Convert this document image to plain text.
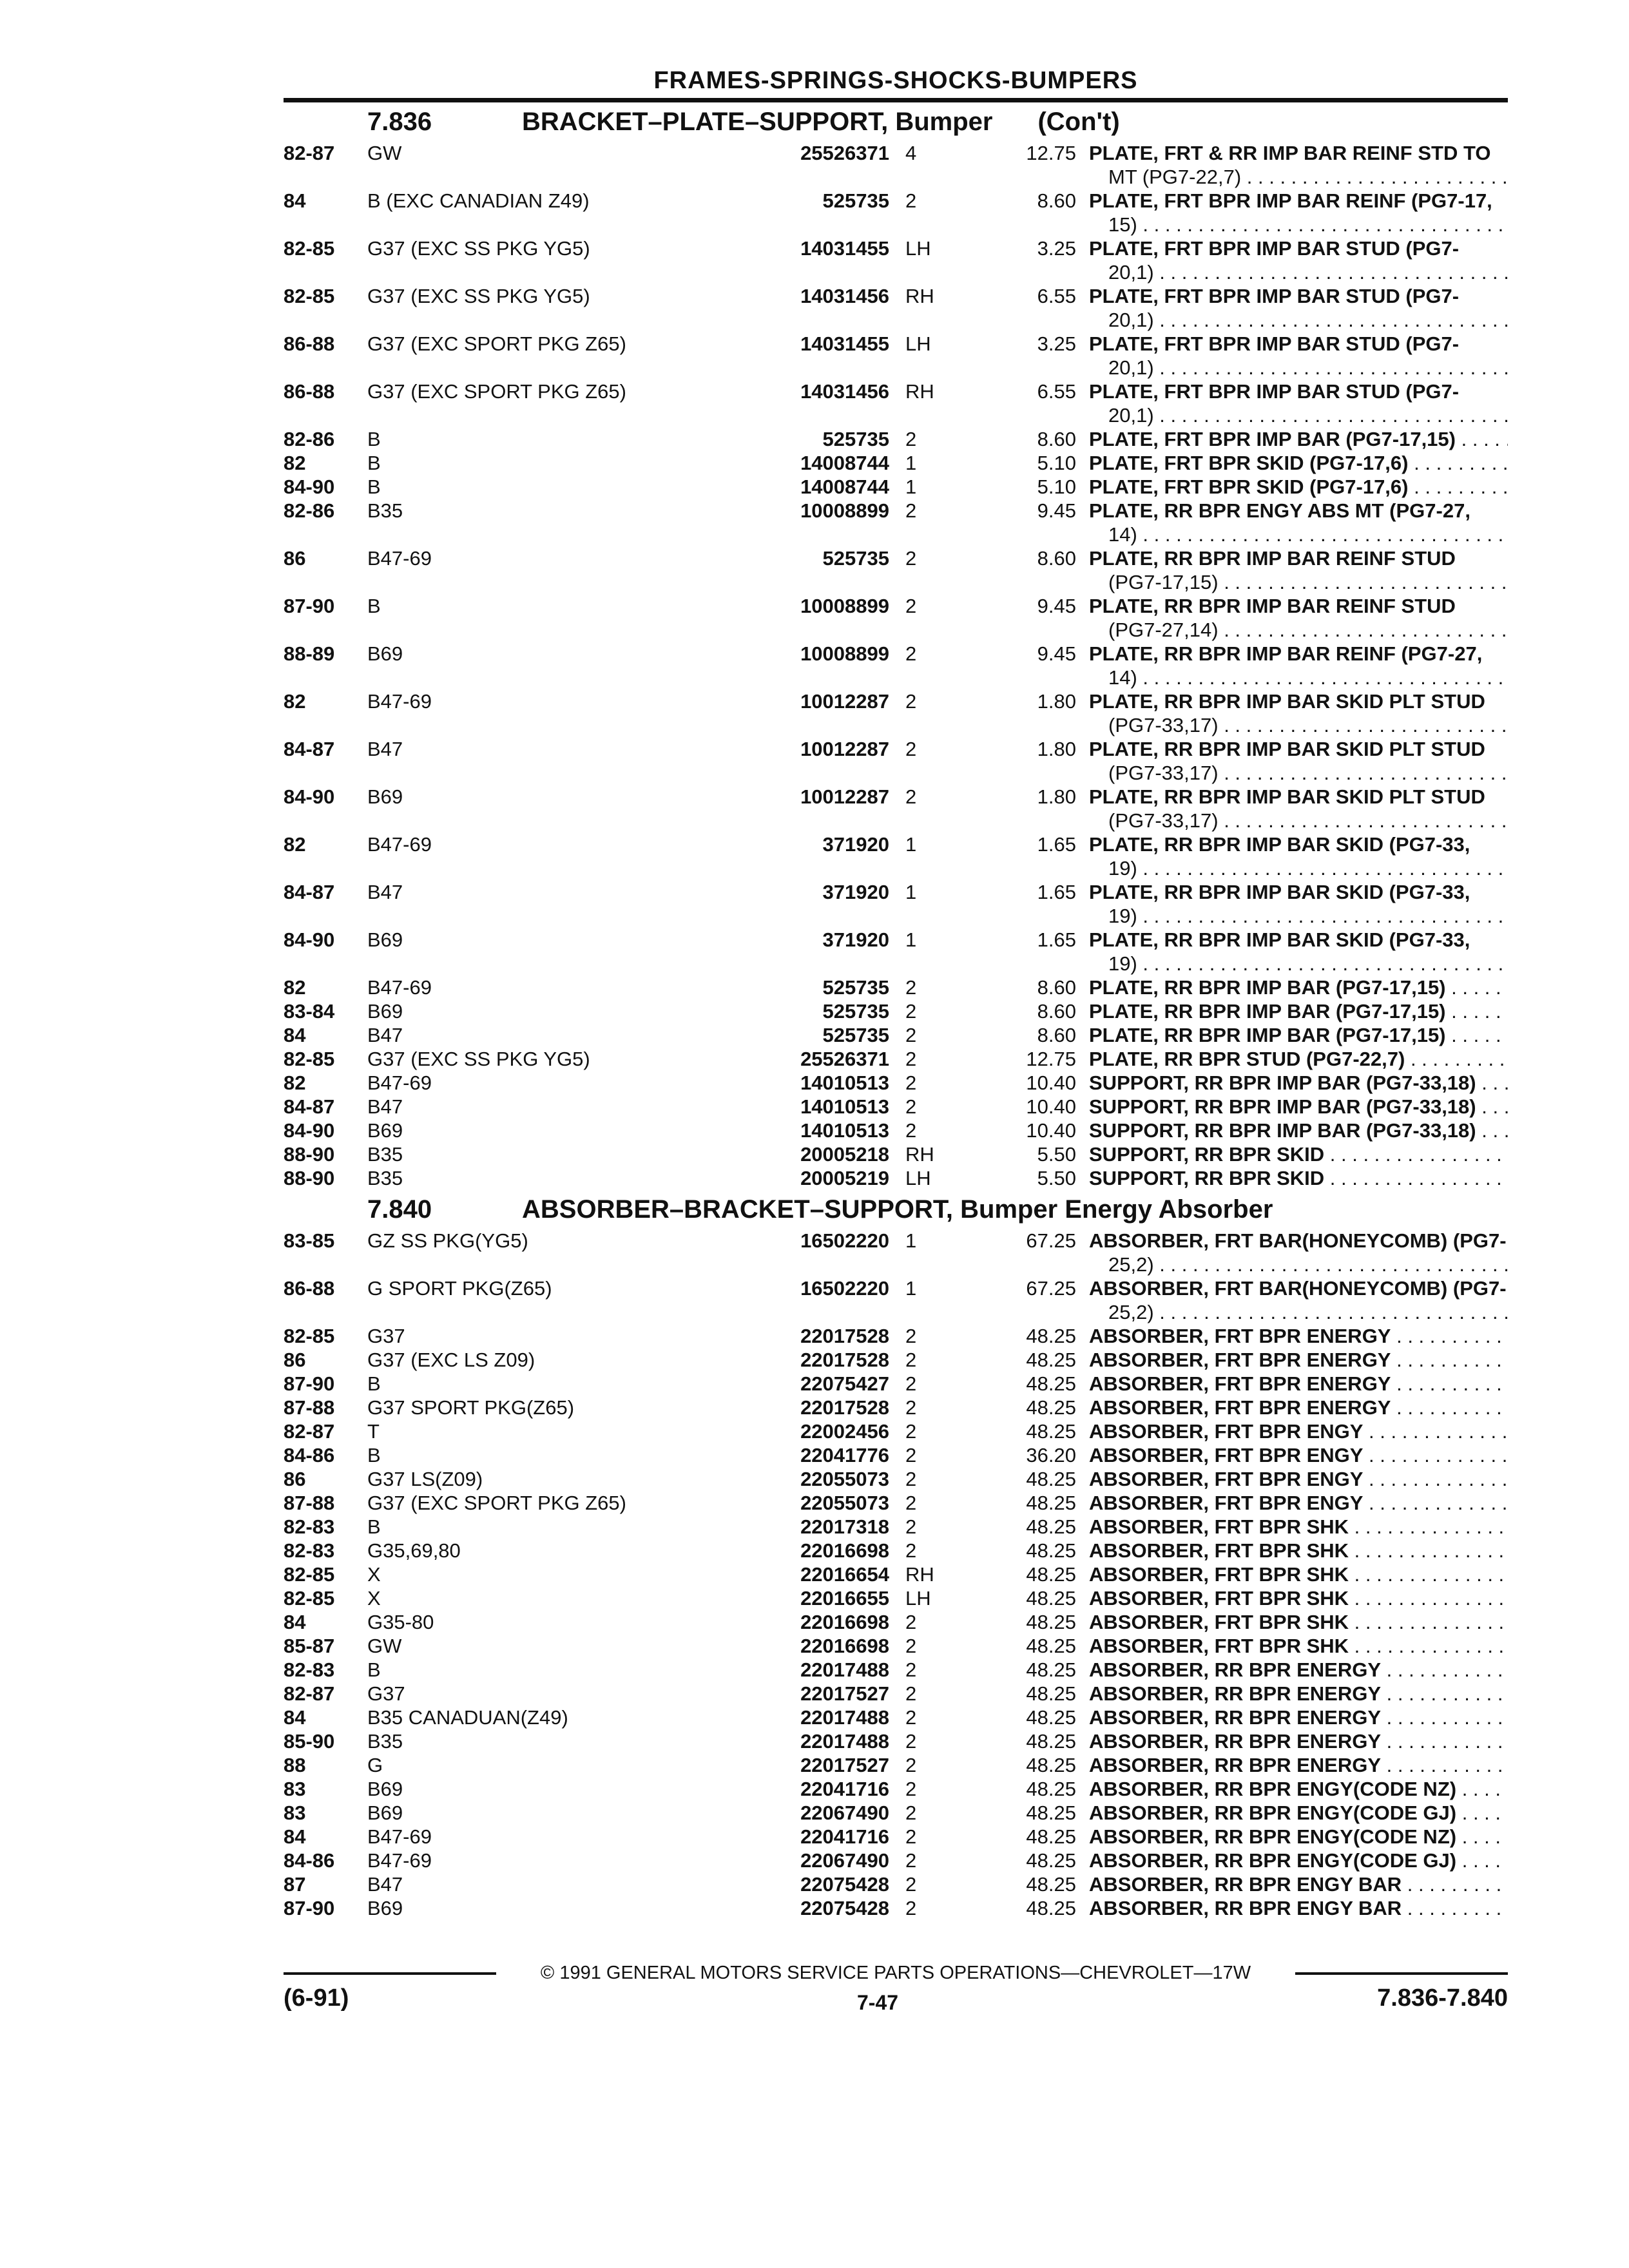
FRAMES-SPRINGS-SHOCKS-BUMPERS
7.836	BRACKET–PLATE–SUPPORT, Bumper (Con't)
82-87	GW . . .	25526371 4	12.75 PLATE, FRT & RR IMP BAR REINF STD TO
MT (PG7-22,7) . . .
84	B (EXC CANADIAN Z49) . . .	525735 2	8.60 PLATE, FRT BPR IMP BAR REINF (PG7-17,
15) . . .
82-85	G37 (EXC SS PKG YG5) . . .	14031455 LH	3.25 PLATE, FRT BPR IMP BAR STUD (PG7-
20,1) . . .
82-85	G37 (EXC SS PKG YG5) . . .	14031456 RH	6.55 PLATE, FRT BPR IMP BAR STUD (PG7-
20,1) . . .
86-88	G37 (EXC SPORT PKG Z65) . . .	14031455 LH	3.25 PLATE, FRT BPR IMP BAR STUD (PG7-
20,1) . . .
86-88	G37 (EXC SPORT PKG Z65) . . .	14031456 RH	6.55 PLATE, FRT BPR IMP BAR STUD (PG7-
20,1) . . .
82-86	B . . .	525735 2	8.60 PLATE, FRT BPR IMP BAR (PG7-17,15) . . .
82	B . . .	14008744 1	5.10 PLATE, FRT BPR SKID (PG7-17,6) . . .
84-90	B . . .	14008744 1	5.10 PLATE, FRT BPR SKID (PG7-17,6) . . .
82-86	B35 . . .	10008899 2	9.45 PLATE, RR BPR ENGY ABS MT (PG7-27,
14) . . .
86	B47-69 . . .	525735 2	8.60 PLATE, RR BPR IMP BAR REINF STUD
(PG7-17,15) . . .
87-90	B . . .	10008899 2	9.45 PLATE, RR BPR IMP BAR REINF STUD
(PG7-27,14) . . .
88-89	B69 . . .	10008899 2	9.45 PLATE, RR BPR IMP BAR REINF (PG7-27,
14) . . .
82	B47-69 . . .	10012287 2	1.80 PLATE, RR BPR IMP BAR SKID PLT STUD
(PG7-33,17) . . .
84-87	B47 . . .	10012287 2	1.80 PLATE, RR BPR IMP BAR SKID PLT STUD
(PG7-33,17) . . .
84-90	B69 . . .	10012287 2	1.80 PLATE, RR BPR IMP BAR SKID PLT STUD
(PG7-33,17) . . .
82	B47-69 . . .	371920 1	1.65 PLATE, RR BPR IMP BAR SKID (PG7-33,
19) . . .
84-87	B47 . . .	371920 1	1.65 PLATE, RR BPR IMP BAR SKID (PG7-33,
19) . . .
84-90	B69 . . .	371920 1	1.65 PLATE, RR BPR IMP BAR SKID (PG7-33,
19) . . .
82	B47-69 . . .	525735 2	8.60 PLATE, RR BPR IMP BAR (PG7-17,15) . . .
83-84	B69 . . .	525735 2	8.60 PLATE, RR BPR IMP BAR (PG7-17,15) . . .
84	B47 . . .	525735 2	8.60 PLATE, RR BPR IMP BAR (PG7-17,15) . . .
82-85	G37 (EXC SS PKG YG5) . . .	25526371 2	12.75 PLATE, RR BPR STUD (PG7-22,7) . . .
82	B47-69 . . .	14010513 2	10.40 SUPPORT, RR BPR IMP BAR (PG7-33,18) . . .
84-87	B47 . . .	14010513 2	10.40 SUPPORT, RR BPR IMP BAR (PG7-33,18) . . .
84-90	B69 . . .	14010513 2	10.40 SUPPORT, RR BPR IMP BAR (PG7-33,18) . . .
88-90	B35 . . .	20005218 RH	5.50 SUPPORT, RR BPR SKID . . .
88-90	B35 . . .	20005219 LH	5.50 SUPPORT, RR BPR SKID . . .
7.840	ABSORBER–BRACKET–SUPPORT, Bumper Energy Absorber
83-85	GZ SS PKG(YG5) . . .	16502220 1	67.25 ABSORBER, FRT BAR(HONEYCOMB) (PG7-
25,2) . . .
86-88	G SPORT PKG(Z65) . . .	16502220 1	67.25 ABSORBER, FRT BAR(HONEYCOMB) (PG7-
25,2) . . .
82-85	G37 . . .	22017528 2	48.25 ABSORBER, FRT BPR ENERGY . . .
86	G37 (EXC LS Z09) . . .	22017528 2	48.25 ABSORBER, FRT BPR ENERGY . . .
87-90	B . . .	22075427 2	48.25 ABSORBER, FRT BPR ENERGY . . .
87-88	G37 SPORT PKG(Z65) . . .	22017528 2	48.25 ABSORBER, FRT BPR ENERGY . . .
82-87	T . . .	22002456 2	48.25 ABSORBER, FRT BPR ENGY . . .
84-86	B . . .	22041776 2	36.20 ABSORBER, FRT BPR ENGY . . .
86	G37 LS(Z09) . . .	22055073 2	48.25 ABSORBER, FRT BPR ENGY . . .
87-88	G37 (EXC SPORT PKG Z65) . . .	22055073 2	48.25 ABSORBER, FRT BPR ENGY . . .
82-83	B . . .	22017318 2	48.25 ABSORBER, FRT BPR SHK . . .
82-83	G35,69,80 . . .	22016698 2	48.25 ABSORBER, FRT BPR SHK . . .
82-85	X . . .	22016654 RH	48.25 ABSORBER, FRT BPR SHK . . .
82-85	X . . .	22016655 LH	48.25 ABSORBER, FRT BPR SHK . . .
84	G35-80 . . .	22016698 2	48.25 ABSORBER, FRT BPR SHK . . .
85-87	GW . . .	22016698 2	48.25 ABSORBER, FRT BPR SHK . . .
82-83	B . . .	22017488 2	48.25 ABSORBER, RR BPR ENERGY . . .
82-87	G37 . . .	22017527 2	48.25 ABSORBER, RR BPR ENERGY . . .
84	B35 CANADUAN(Z49) . . .	22017488 2	48.25 ABSORBER, RR BPR ENERGY . . .
85-90	B35 . . .	22017488 2	48.25 ABSORBER, RR BPR ENERGY . . .
88	G . . .	22017527 2	48.25 ABSORBER, RR BPR ENERGY . . .
83	B69 . . .	22041716 2	48.25 ABSORBER, RR BPR ENGY(CODE NZ) . . .
83	B69 . . .	22067490 2	48.25 ABSORBER, RR BPR ENGY(CODE GJ) . . .
84	B47-69 . . .	22041716 2	48.25 ABSORBER, RR BPR ENGY(CODE NZ) . . .
84-86	B47-69 . . .	22067490 2	48.25 ABSORBER, RR BPR ENGY(CODE GJ) . . .
87	B47 . . .	22075428 2	48.25 ABSORBER, RR BPR ENGY BAR . . .
87-90	B69 . . .	22075428 2	48.25 ABSORBER, RR BPR ENGY BAR . . .
© 1991 GENERAL MOTORS SERVICE PARTS OPERATIONS—CHEVROLET—17W
(6-91)	7-47	7.836-7.840
